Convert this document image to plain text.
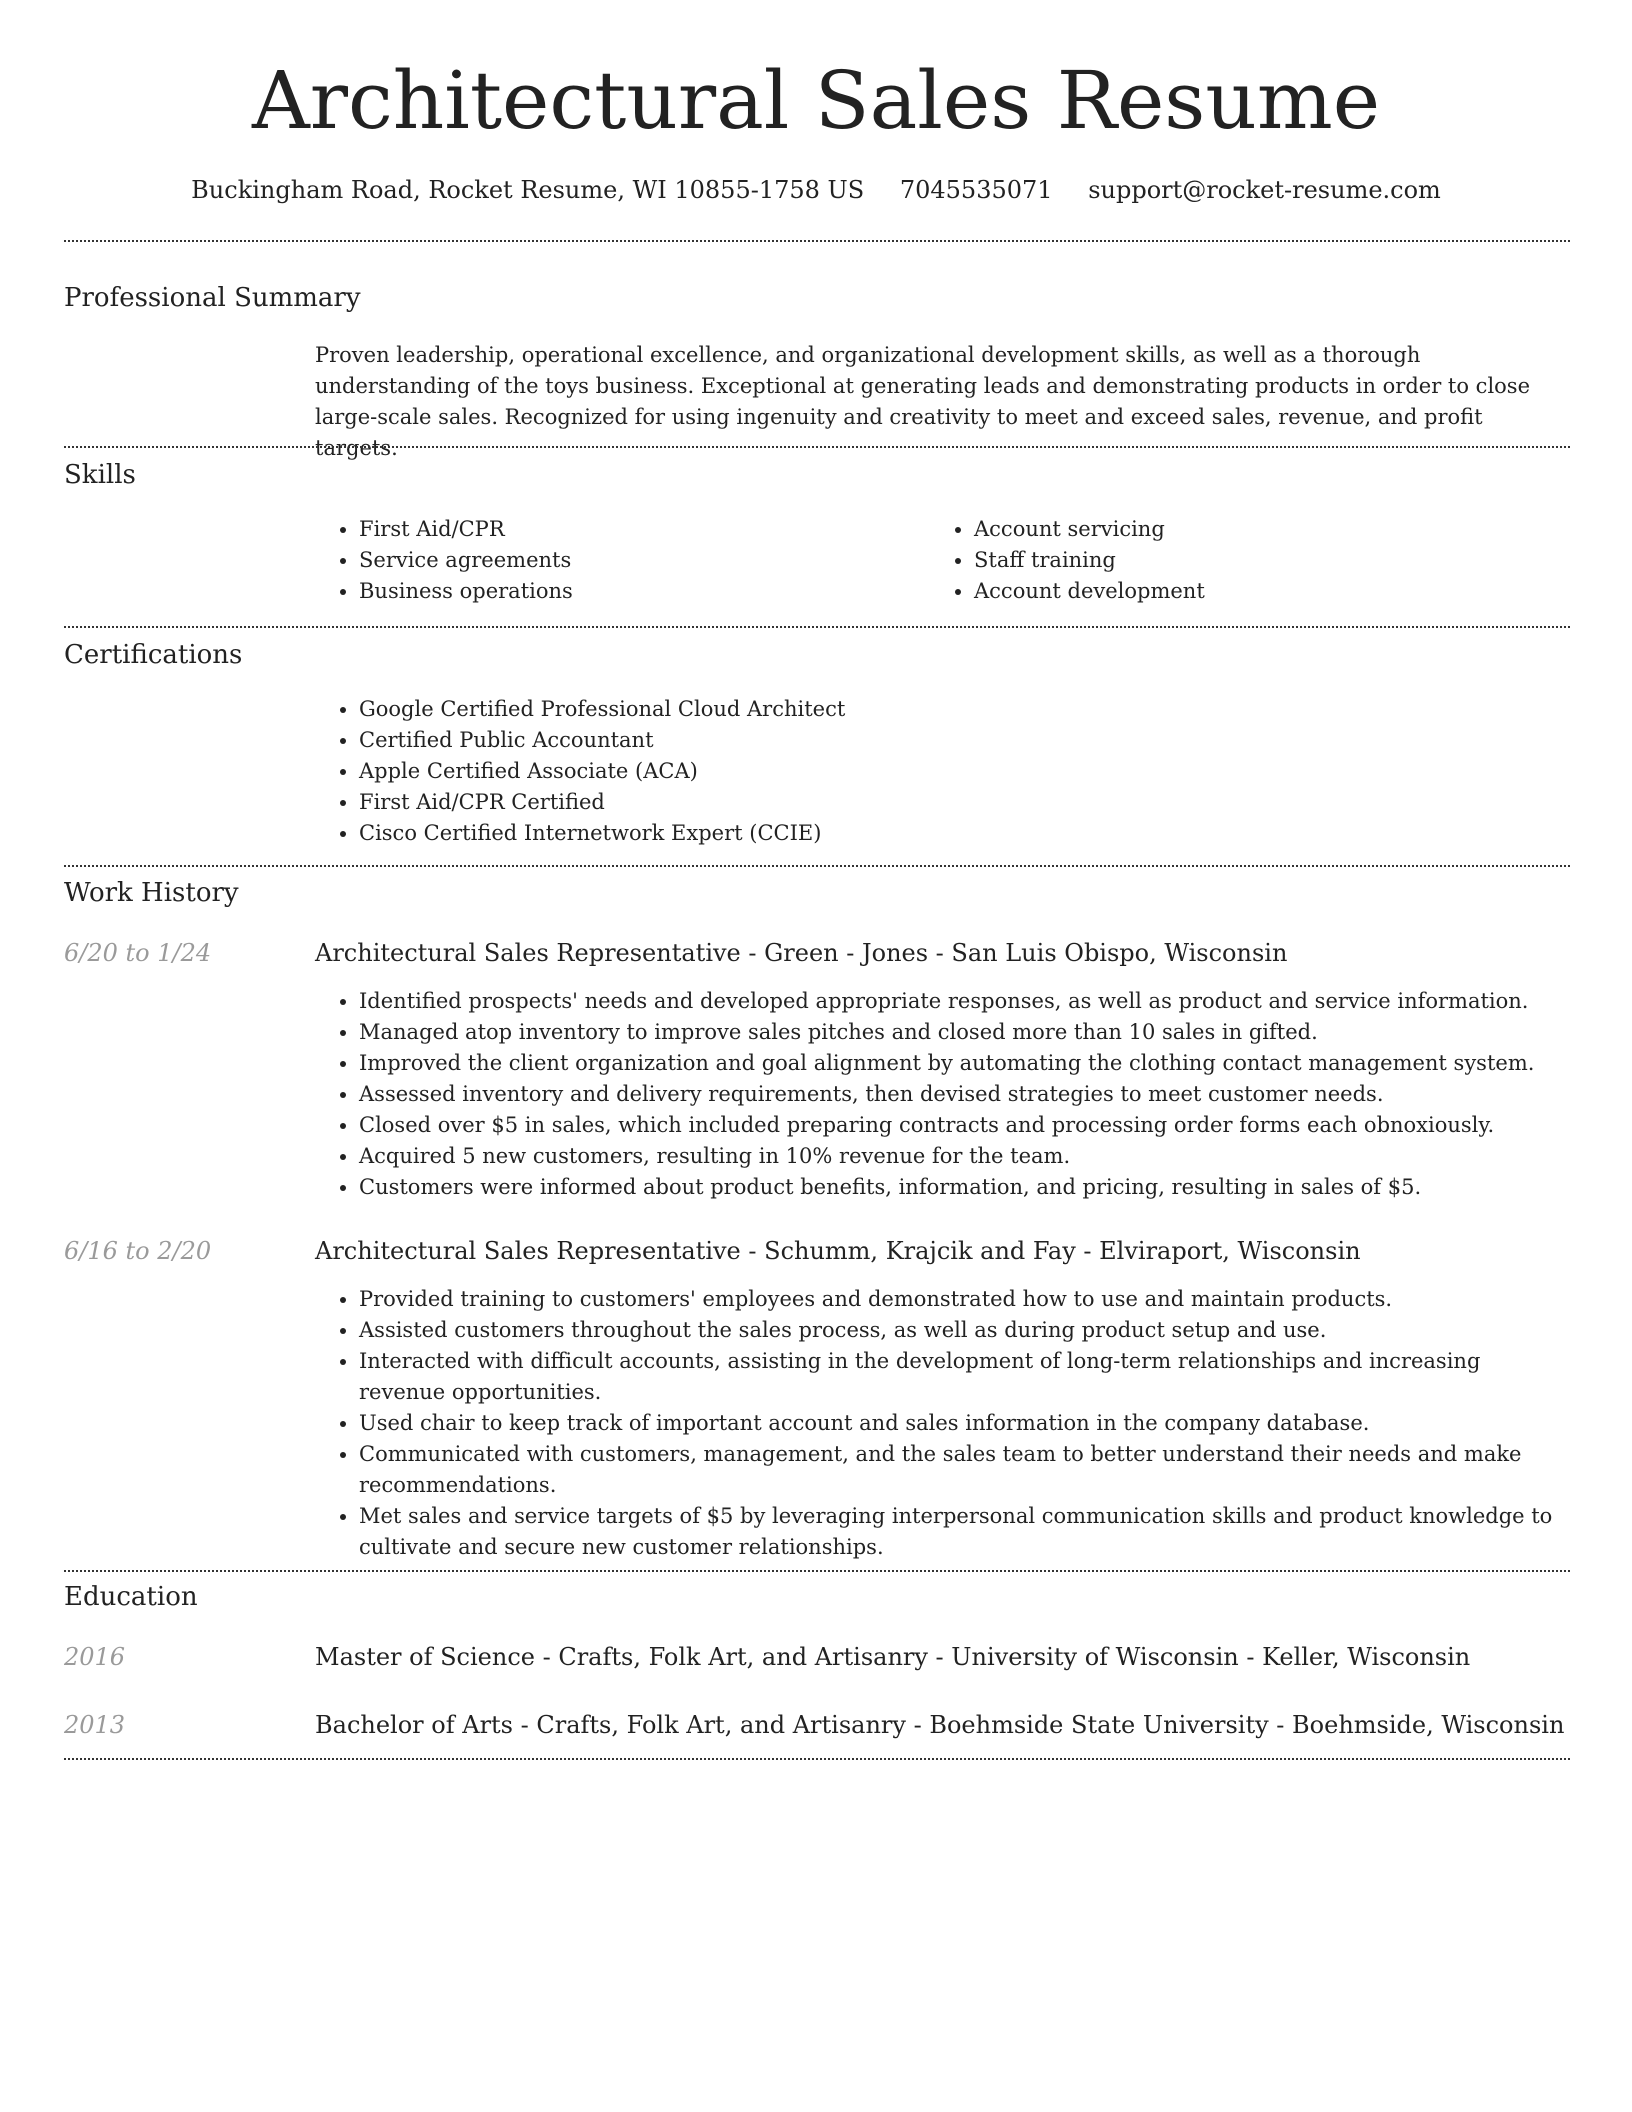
Architectural Sales Resume
Buckingham Road, Rocket Resume, WI 10855-1758 US 7045535071 support@rocket-resume.com
Professional Summary

Proven leadership, operational excellence, and organizational development skills, as well as a thorough understanding of the toys business. Exceptional at generating leads and demonstrating products in order to close large-scale sales. Recognized for using ingenuity and creativity to meet and exceed sales, revenue, and profit targets.

Skills
• First Aid/CPR
• Service agreements
• Business operations
• Account servicing
• Staff training
• Account development
Certifications
• Google Certified Professional Cloud Architect
• Certified Public Accountant
• Apple Certified Associate (ACA)
• First Aid/CPR Certified
• Cisco Certified Internetwork Expert (CCIE)
Work History
6/20 to 1/24	Architectural Sales Representative - Green - Jones - San Luis Obispo, Wisconsin
• Identified prospects' needs and developed appropriate responses, as well as product and service information.
• Managed atop inventory to improve sales pitches and closed more than 10 sales in gifted.
• Improved the client organization and goal alignment by automating the clothing contact management system.
• Assessed inventory and delivery requirements, then devised strategies to meet customer needs.
• Closed over $5 in sales, which included preparing contracts and processing order forms each obnoxiously.
• Acquired 5 new customers, resulting in 10% revenue for the team.
• Customers were informed about product benefits, information, and pricing, resulting in sales of $5.
6/16 to 2/20	Architectural Sales Representative - Schumm, Krajcik and Fay - Elviraport, Wisconsin
• Provided training to customers' employees and demonstrated how to use and maintain products.
• Assisted customers throughout the sales process, as well as during product setup and use.
• Interacted with difficult accounts, assisting in the development of long-term relationships and increasing revenue opportunities.
• Used chair to keep track of important account and sales information in the company database.
• Communicated with customers, management, and the sales team to better understand their needs and make recommendations.
• Met sales and service targets of $5 by leveraging interpersonal communication skills and product knowledge to cultivate and secure new customer relationships.
Education
2016	Master of Science - Crafts, Folk Art, and Artisanry - University of Wisconsin - Keller, Wisconsin
2013	Bachelor of Arts - Crafts, Folk Art, and Artisanry - Boehmside State University - Boehmside, Wisconsin
